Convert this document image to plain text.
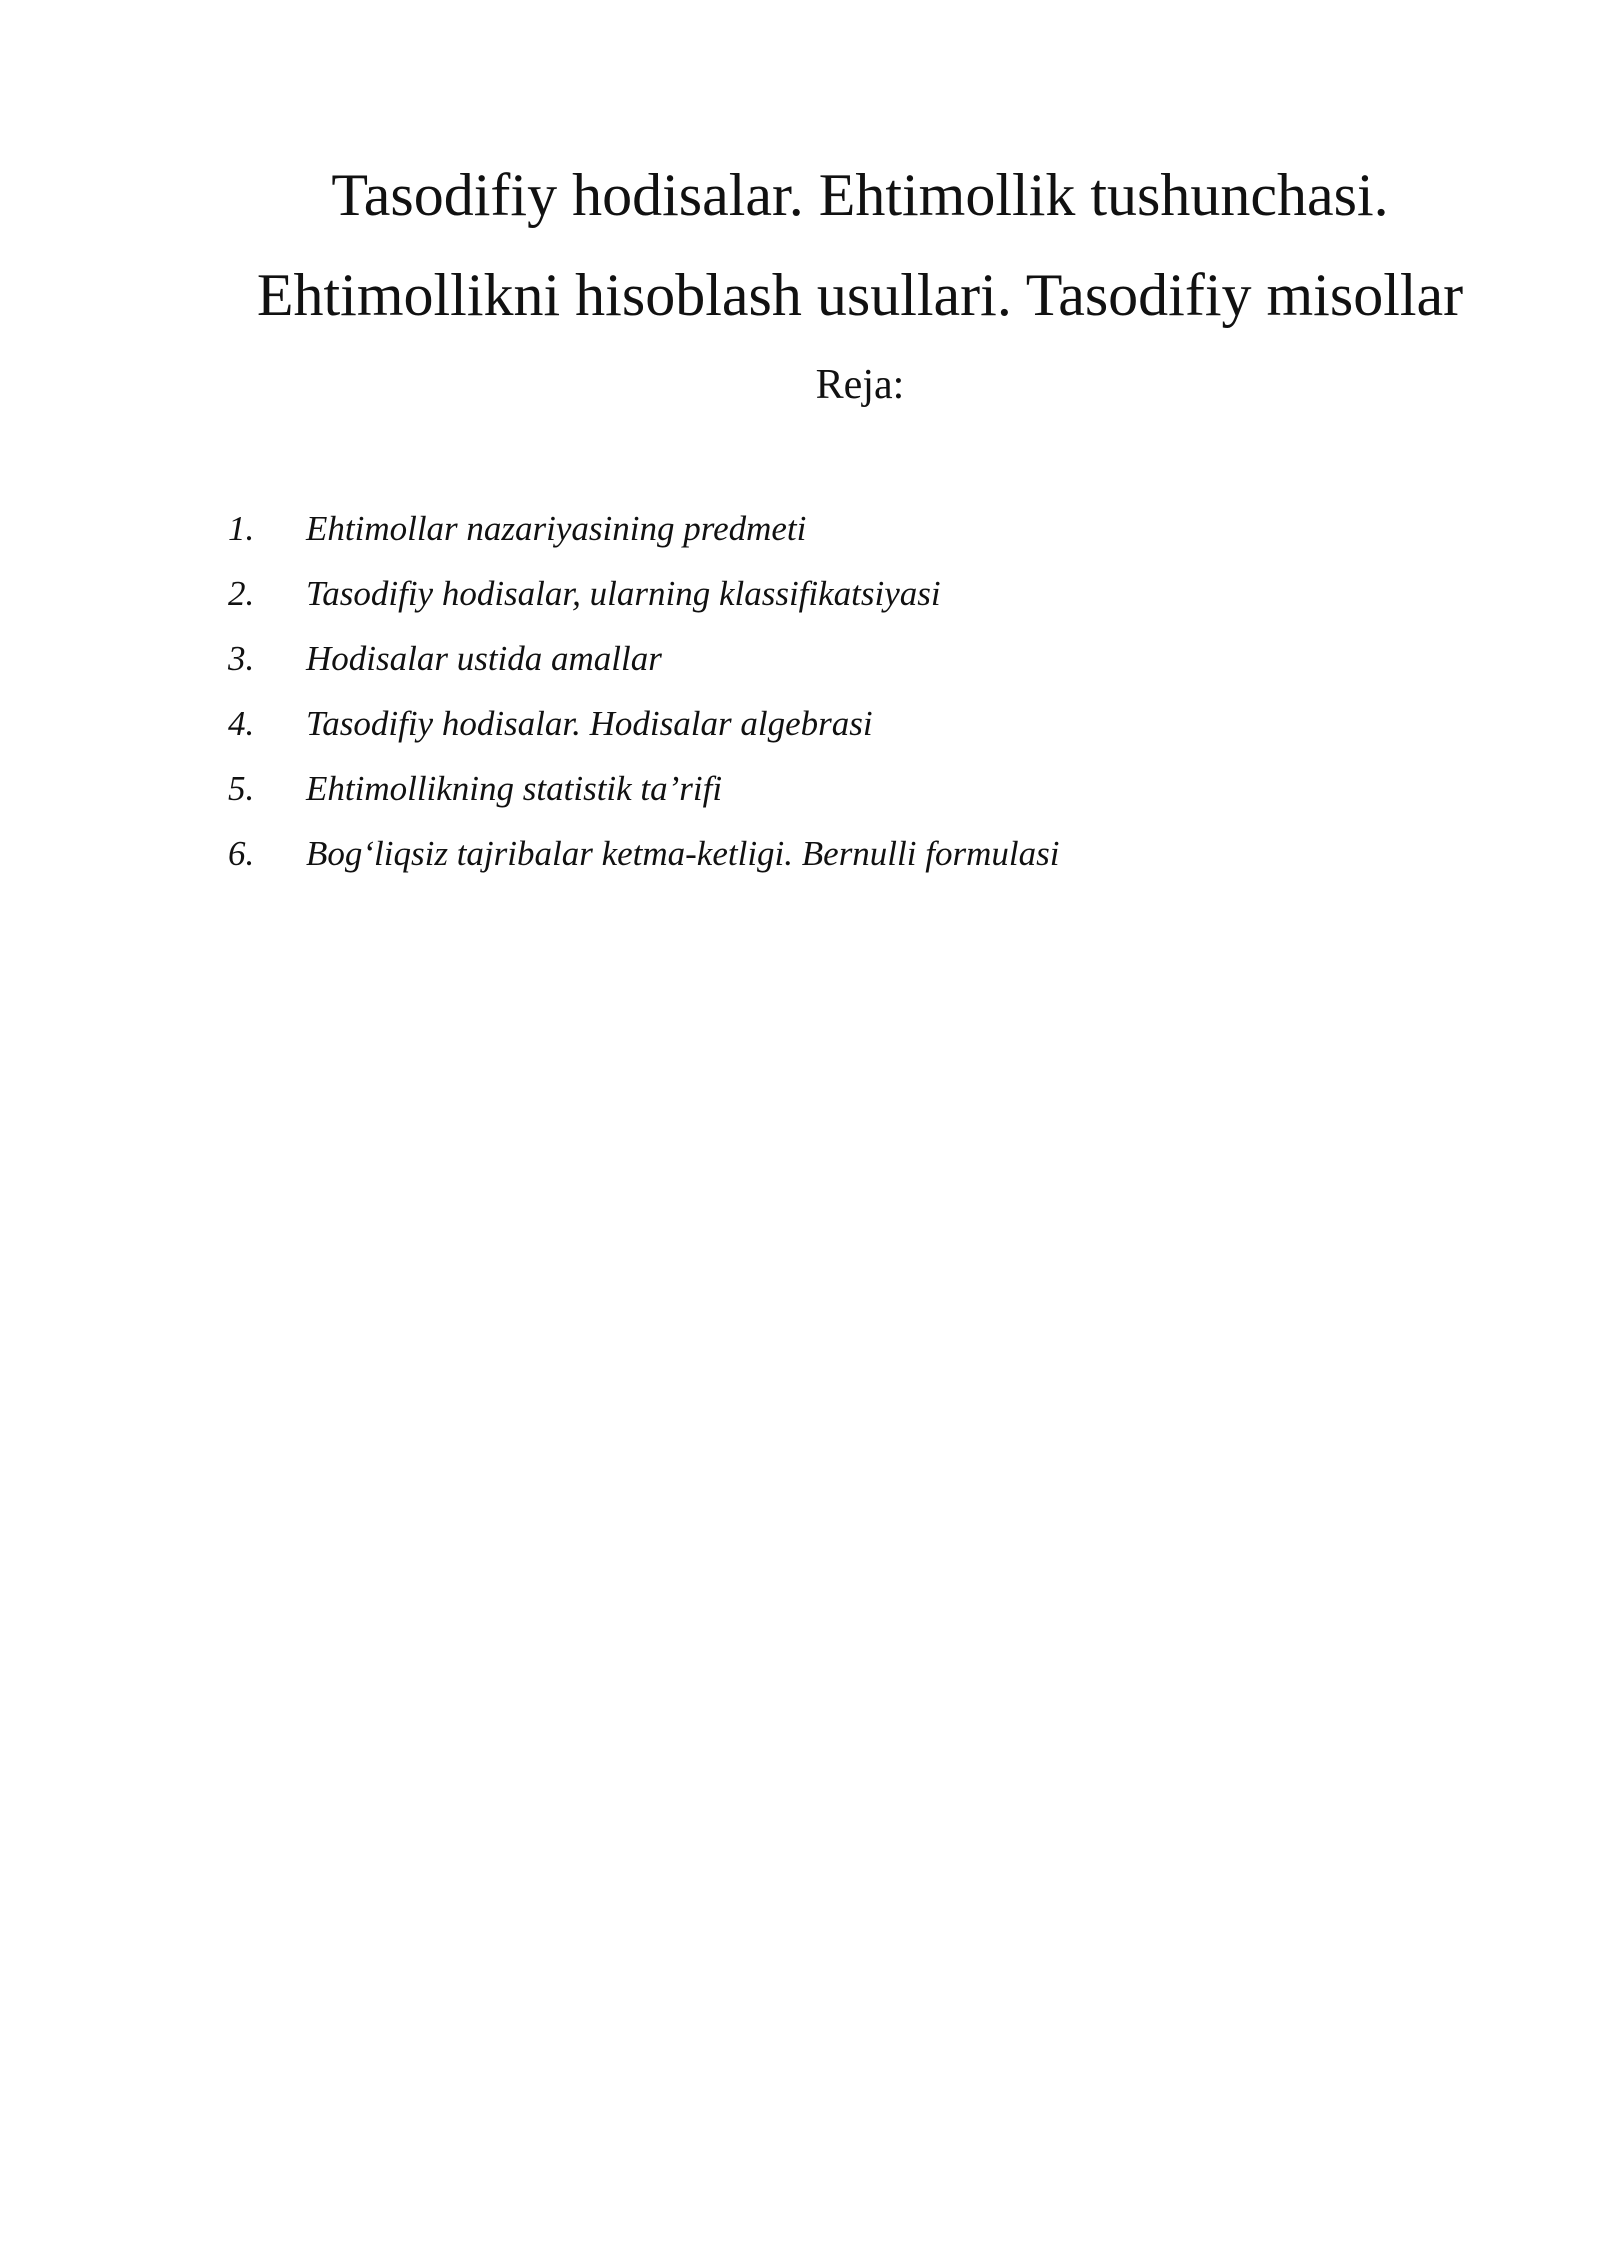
Tasodifiy hodisalar. Ehtimollik tushunchasi.

Ehtimollikni hisoblash usullari. Tasodifiy misollar

Reja:

1.	Ehtimollar nazariyasining predmeti
2.	Tasodifiy hodisalar, ularning klassifikatsiyasi
3.	Hodisalar ustida amallar
4.	Tasodifiy hodisalar. Hodisalar algebrasi
5.	Ehtimollikning statistik ta’rifi
6.	Bog‘liqsiz tajribalar ketma-ketligi. Bernulli formulasi
